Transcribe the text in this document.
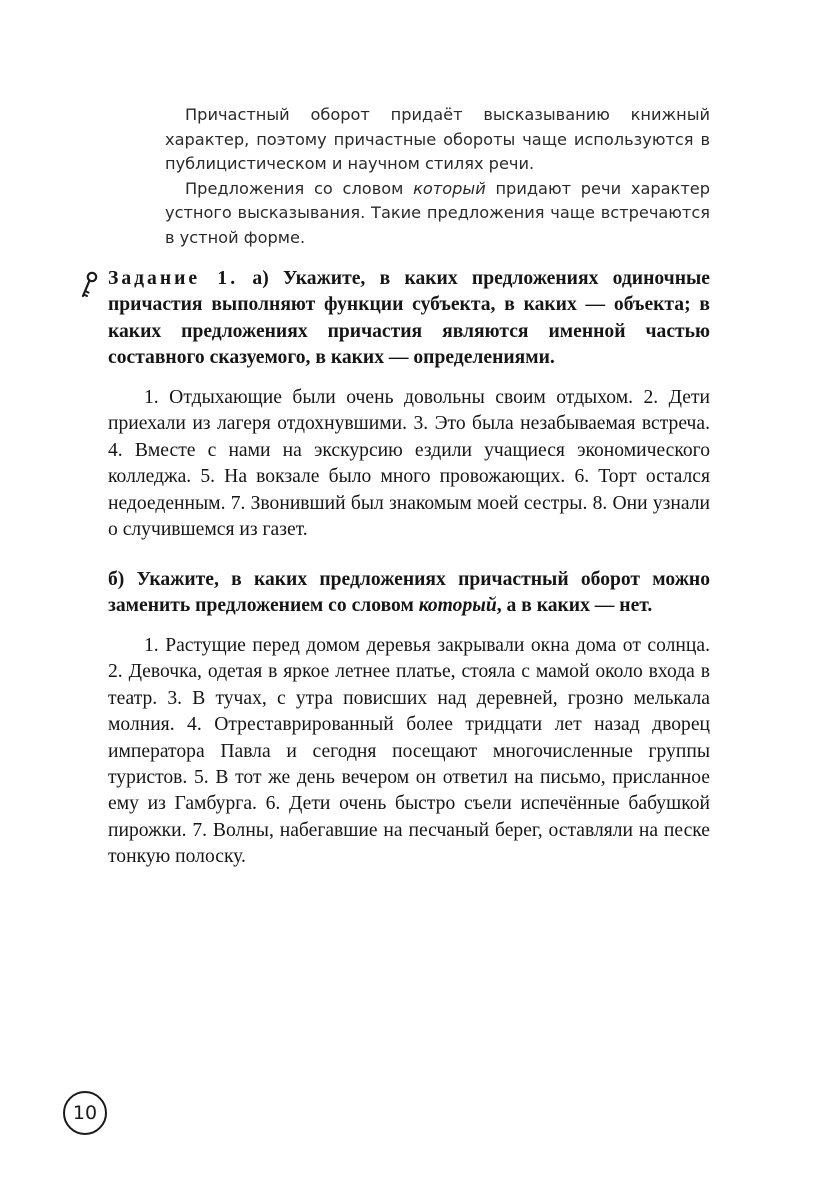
Причастный оборот придаёт высказыванию книжный характер, поэтому причастные обороты чаще используются в публицистическом и научном стилях речи.

Предложения со словом который придают речи характер устного высказывания. Такие предложения чаще встречаются в устной форме.

Задание 1. а) Укажите, в каких предложениях одиночные причастия выполняют функции субъекта, в каких — объекта; в каких предложениях причастия являются именной частью составного сказуемого, в каких — определениями.

1. Отдыхающие были очень довольны своим отдыхом. 2. Дети приехали из лагеря отдохнувшими. 3. Это была незабываемая встреча. 4. Вместе с нами на экскурсию ездили учащиеся экономического колледжа. 5. На вокзале было много провожающих. 6. Торт остался недоеденным. 7. Звонивший был знакомым моей сестры. 8. Они узнали о случившемся из газет.

б) Укажите, в каких предложениях причастный оборот можно заменить предложением со словом который, а в каких — нет.

1. Растущие перед домом деревья закрывали окна дома от солнца. 2. Девочка, одетая в яркое летнее платье, стояла с мамой около входа в театр. 3. В тучах, с утра повисших над деревней, грозно мелькала молния. 4. Отреставрированный более тридцати лет назад дворец императора Павла и сегодня посещают многочисленные группы туристов. 5. В тот же день вечером он ответил на письмо, присланное ему из Гамбурга. 6. Дети очень быстро съели испечённые бабушкой пирожки. 7. Волны, набегавшие на песчаный берег, оставляли на песке тонкую полоску.

10
